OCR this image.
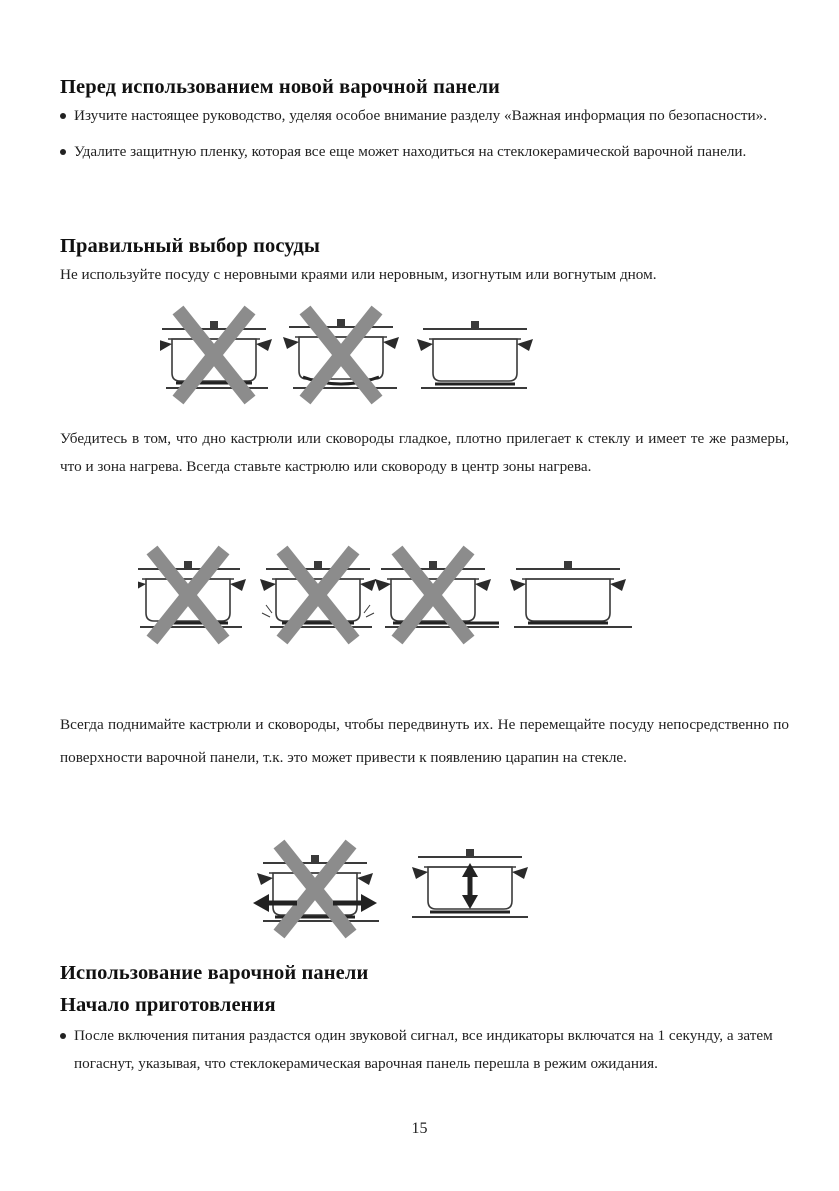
Перед использованием новой варочной панели
Изучите настоящее руководство, уделяя особое внимание разделу «Важная информация по безопасности».
Удалите защитную пленку, которая все еще может находиться на стеклокерамической варочной панели.
Правильный выбор посуды
Не используйте посуду с неровными краями или неровным, изогнутым или вогнутым дном.
Убедитесь в том, что дно кастрюли или сковороды гладкое, плотно прилегает к стеклу и имеет те же размеры, что и зона нагрева. Всегда ставьте кастрюлю или сковороду в центр зоны нагрева.
Всегда поднимайте кастрюли и сковороды, чтобы передвинуть их. Не перемещайте посуду непосредственно по поверхности варочной панели, т.к. это может привести к появлению царапин на стекле.
Использование варочной панели
Начало приготовления
После включения питания раздастся один звуковой сигнал, все индикаторы включатся на 1 секунду, а затем погаснут, указывая, что стеклокерамическая варочная панель перешла в режим ожидания.
15
